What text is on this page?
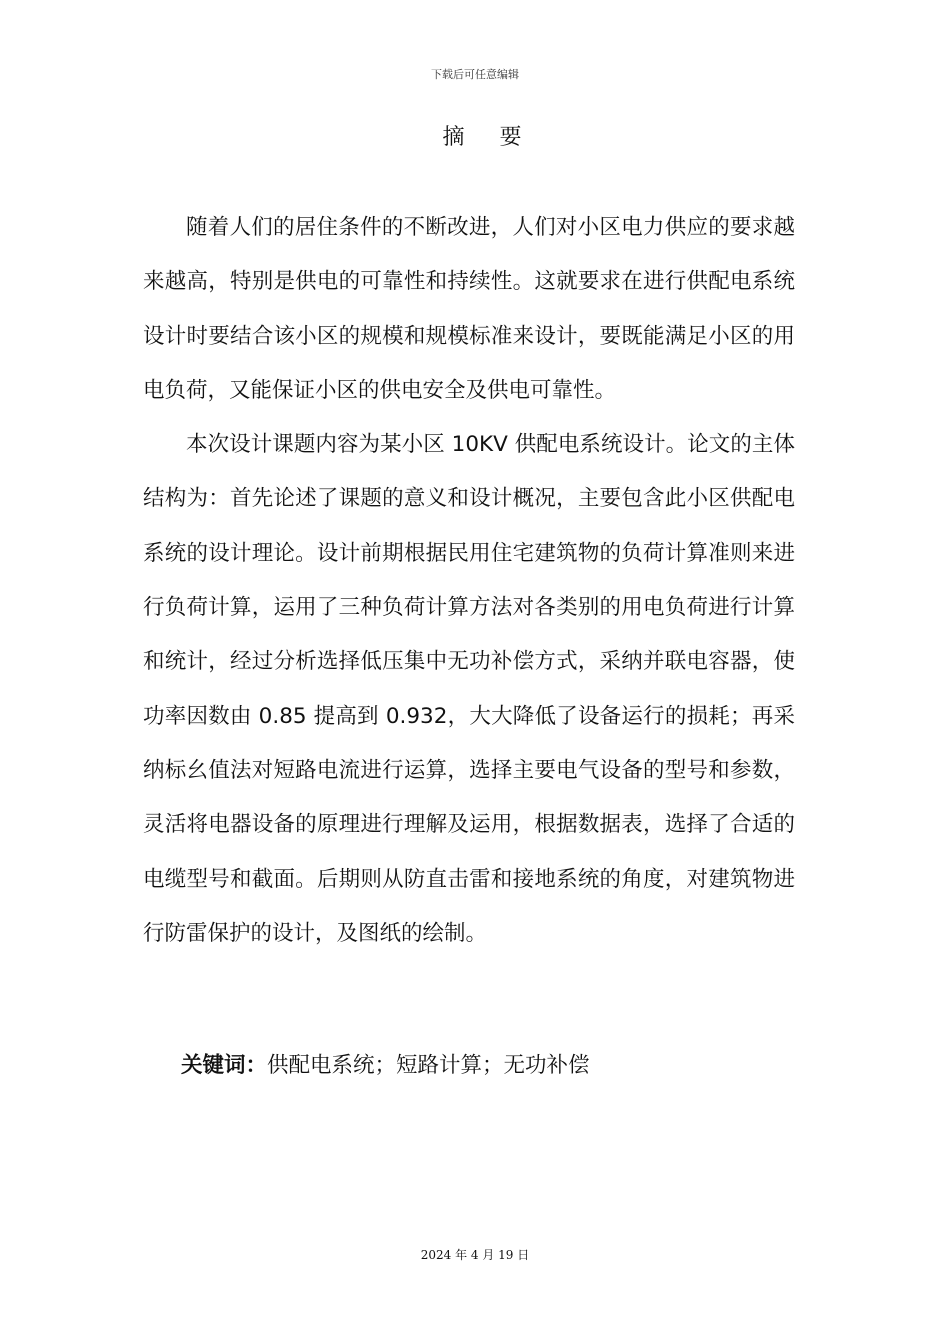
下载后可任意编辑
摘 要

随着人们的居住条件的不断改进，人们对小区电力供应的要求越来越高，特别是供电的可靠性和持续性。这就要求在进行供配电系统设计时要结合该小区的规模和规模标准来设计，要既能满足小区的用电负荷，又能保证小区的供电安全及供电可靠性。

本次设计课题内容为某小区 10KV 供配电系统设计。论文的主体结构为：首先论述了课题的意义和设计概况，主要包含此小区供配电系统的设计理论。设计前期根据民用住宅建筑物的负荷计算准则来进行负荷计算，运用了三种负荷计算方法对各类别的用电负荷进行计算和统计，经过分析选择低压集中无功补偿方式，采纳并联电容器，使功率因数由 0.85 提高到 0.932，大大降低了设备运行的损耗；再采纳标幺值法对短路电流进行运算，选择主要电气设备的型号和参数，灵活将电器设备的原理进行理解及运用，根据数据表，选择了合适的电缆型号和截面。后期则从防直击雷和接地系统的角度，对建筑物进行防雷保护的设计，及图纸的绘制。

关键词：供配电系统；短路计算；无功补偿
2024 年 4 月 19 日
